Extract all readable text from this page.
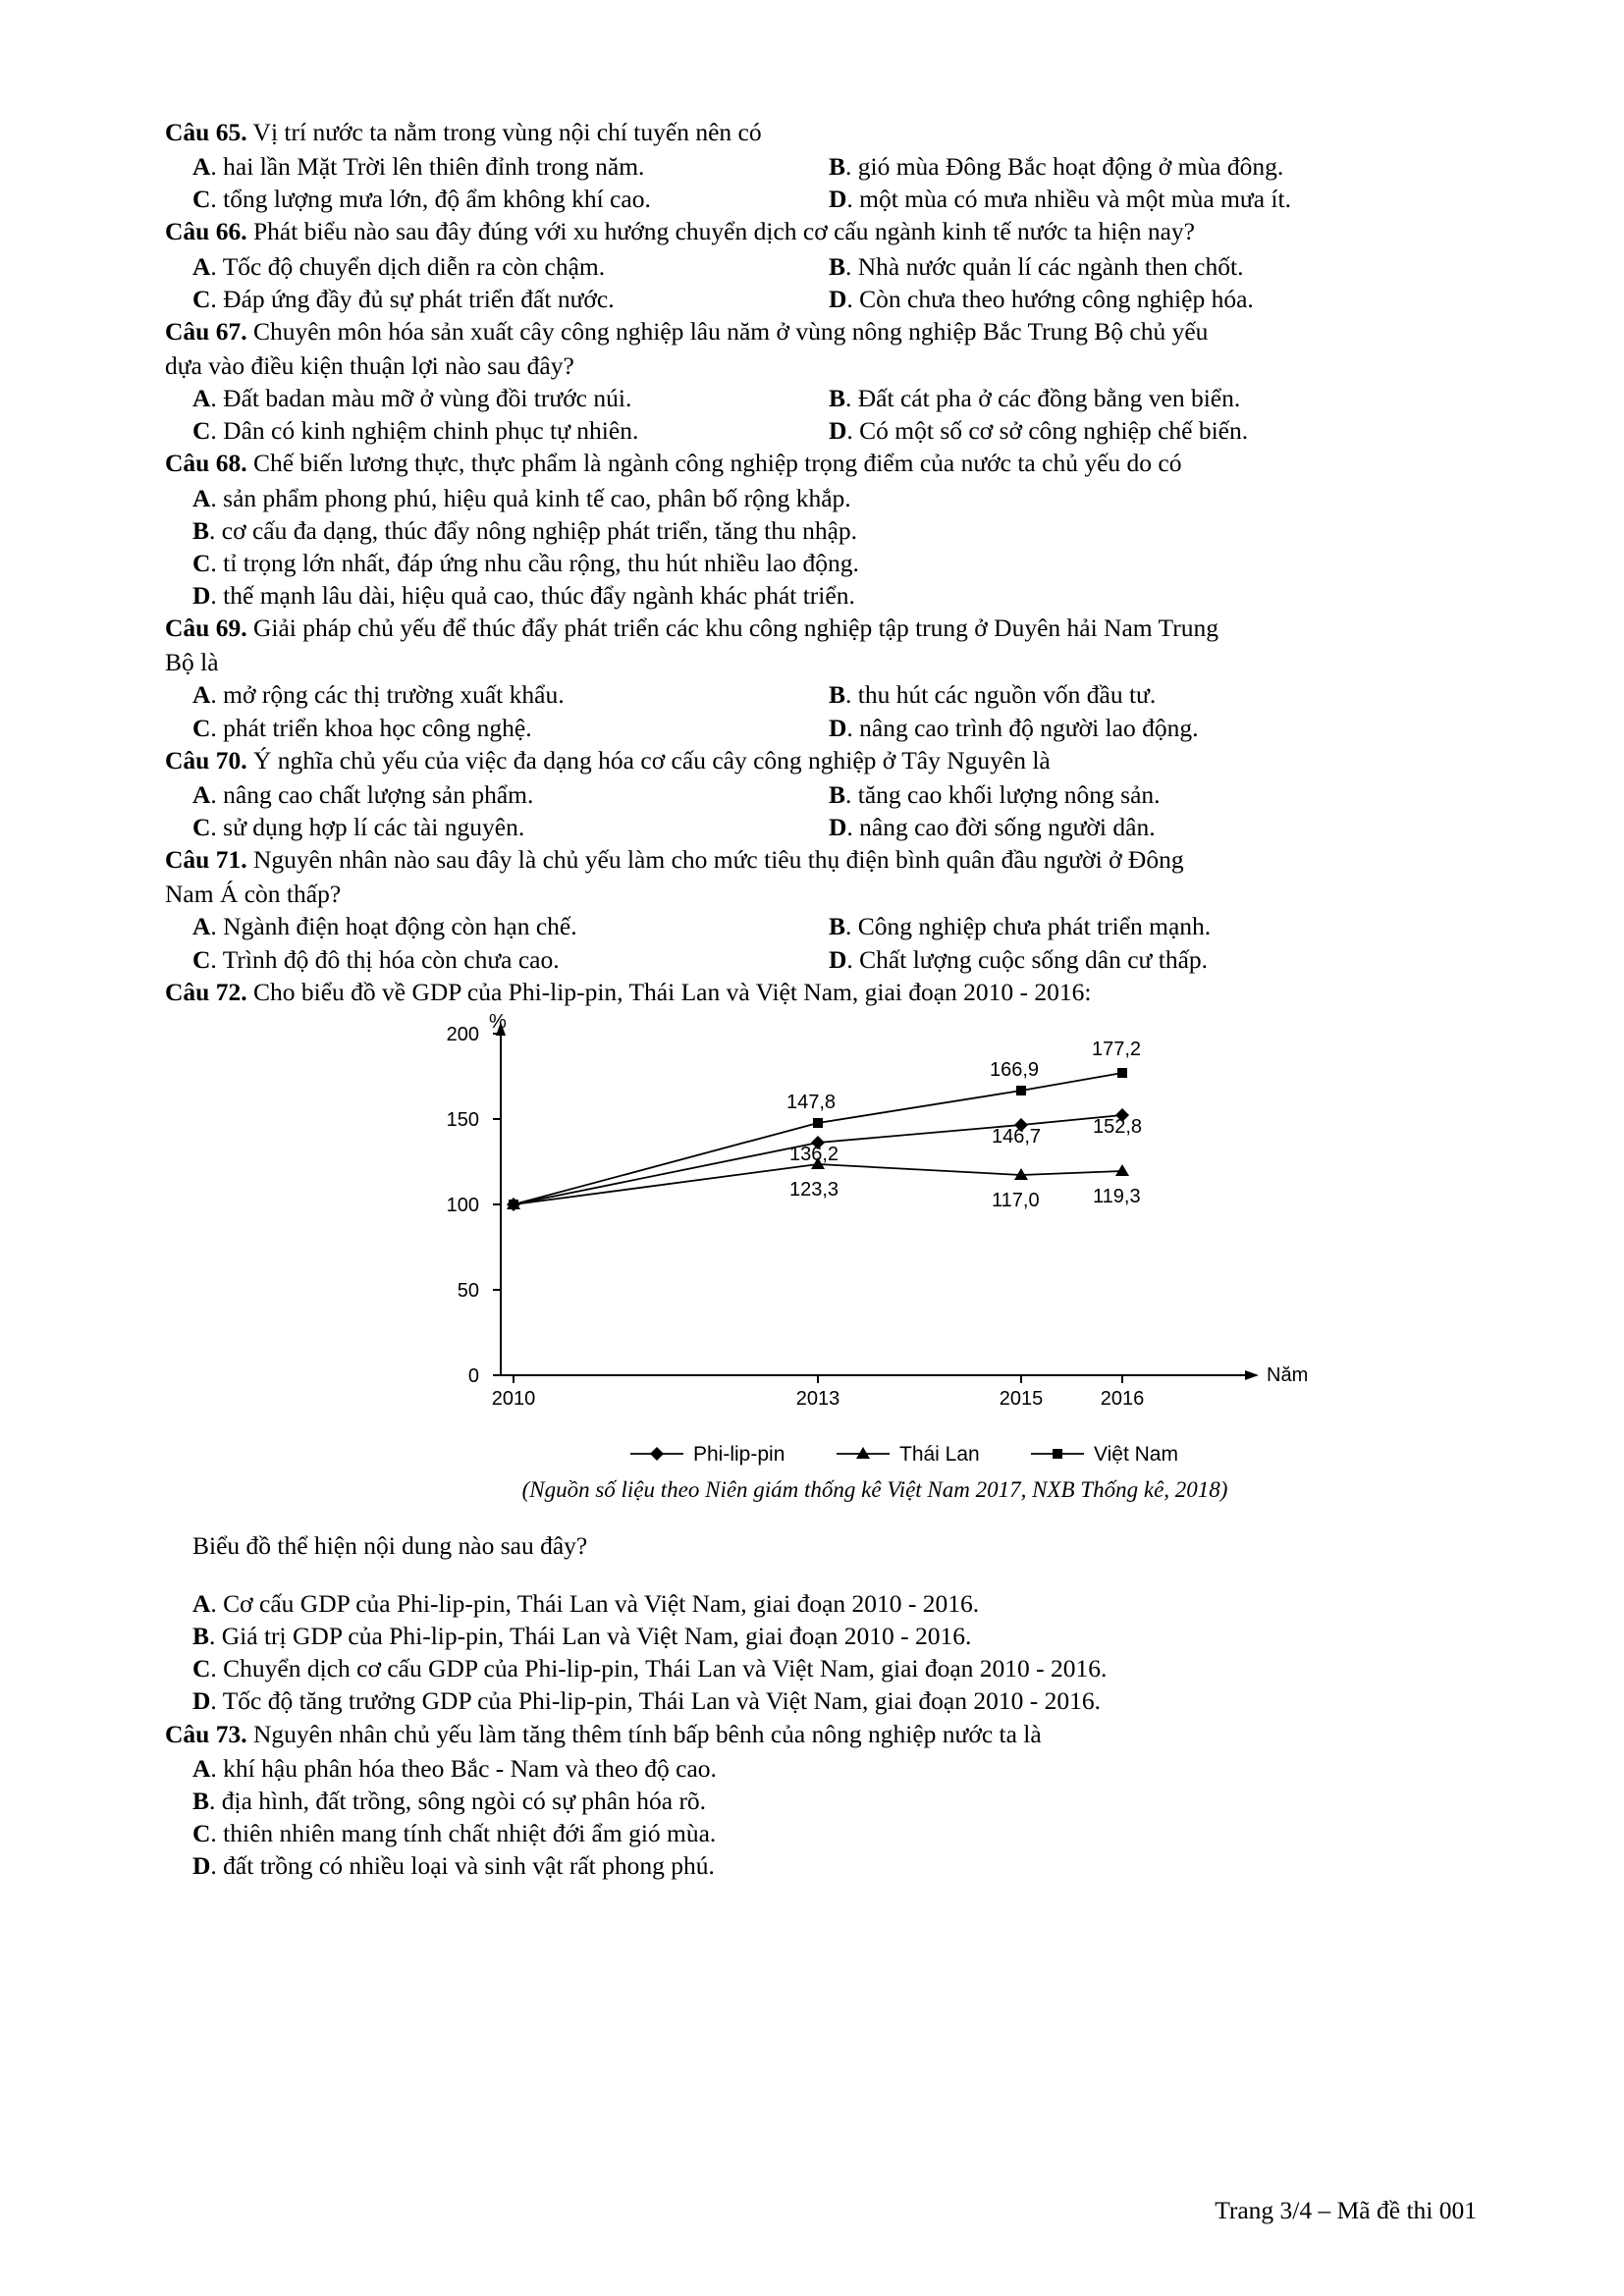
Câu 65. Vị trí nước ta nằm trong vùng nội chí tuyến nên có

A. hai lần Mặt Trời lên thiên đỉnh trong năm.	B. gió mùa Đông Bắc hoạt động ở mùa đông.
C. tổng lượng mưa lớn, độ ẩm không khí cao.	D. một mùa có mưa nhiều và một mùa mưa ít.

Câu 66. Phát biểu nào sau đây đúng với xu hướng chuyển dịch cơ cấu ngành kinh tế nước ta hiện nay?

A. Tốc độ chuyển dịch diễn ra còn chậm.	B. Nhà nước quản lí các ngành then chốt.
C. Đáp ứng đầy đủ sự phát triển đất nước.	D. Còn chưa theo hướng công nghiệp hóa.

Câu 67. Chuyên môn hóa sản xuất cây công nghiệp lâu năm ở vùng nông nghiệp Bắc Trung Bộ chủ yếu

dựa vào điều kiện thuận lợi nào sau đây?

A. Đất badan màu mỡ ở vùng đồi trước núi.	B. Đất cát pha ở các đồng bằng ven biển.
C. Dân có kinh nghiệm chinh phục tự nhiên.	D. Có một số cơ sở công nghiệp chế biến.

Câu 68. Chế biến lương thực, thực phẩm là ngành công nghiệp trọng điểm của nước ta chủ yếu do có

A. sản phẩm phong phú, hiệu quả kinh tế cao, phân bố rộng khắp.

B. cơ cấu đa dạng, thúc đẩy nông nghiệp phát triển, tăng thu nhập.

C. tỉ trọng lớn nhất, đáp ứng nhu cầu rộng, thu hút nhiều lao động.

D. thế mạnh lâu dài, hiệu quả cao, thúc đẩy ngành khác phát triển.

Câu 69. Giải pháp chủ yếu để thúc đẩy phát triển các khu công nghiệp tập trung ở Duyên hải Nam Trung

Bộ là

A. mở rộng các thị trường xuất khẩu.	B. thu hút các nguồn vốn đầu tư.
C. phát triển khoa học công nghệ.	D. nâng cao trình độ người lao động.

Câu 70. Ý nghĩa chủ yếu của việc đa dạng hóa cơ cấu cây công nghiệp ở Tây Nguyên là

A. nâng cao chất lượng sản phẩm.	B. tăng cao khối lượng nông sản.
C. sử dụng hợp lí các tài nguyên.	D. nâng cao đời sống người dân.

Câu 71. Nguyên nhân nào sau đây là chủ yếu làm cho mức tiêu thụ điện bình quân đầu người ở Đông

Nam Á còn thấp?

A. Ngành điện hoạt động còn hạn chế.	B. Công nghiệp chưa phát triển mạnh.
C. Trình độ đô thị hóa còn chưa cao.	D. Chất lượng cuộc sống dân cư thấp.

Câu 72. Cho biểu đồ về GDP của Phi-lip-pin, Thái Lan và Việt Nam, giai đoạn 2010 - 2016:

%
Năm
0
50
100
150
200
2010	2013	2015	2016
147,8
166,9
177,2
136,2
146,7	152,8
123,3	117,0	119,3
Phi-lip-pin	Thái Lan	Việt Nam
(Nguồn số liệu theo Niên giám thống kê Việt Nam 2017, NXB Thống kê, 2018)

Biểu đồ thể hiện nội dung nào sau đây?

A. Cơ cấu GDP của Phi-lip-pin, Thái Lan và Việt Nam, giai đoạn 2010 - 2016.

B. Giá trị GDP của Phi-lip-pin, Thái Lan và Việt Nam, giai đoạn 2010 - 2016.

C. Chuyển dịch cơ cấu GDP của Phi-lip-pin, Thái Lan và Việt Nam, giai đoạn 2010 - 2016.

D. Tốc độ tăng trưởng GDP của Phi-lip-pin, Thái Lan và Việt Nam, giai đoạn 2010 - 2016.

Câu 73. Nguyên nhân chủ yếu làm tăng thêm tính bấp bênh của nông nghiệp nước ta là

A. khí hậu phân hóa theo Bắc - Nam và theo độ cao.

B. địa hình, đất trồng, sông ngòi có sự phân hóa rõ.

C. thiên nhiên mang tính chất nhiệt đới ẩm gió mùa.

D. đất trồng có nhiều loại và sinh vật rất phong phú.

Trang 3/4 – Mã đề thi 001
